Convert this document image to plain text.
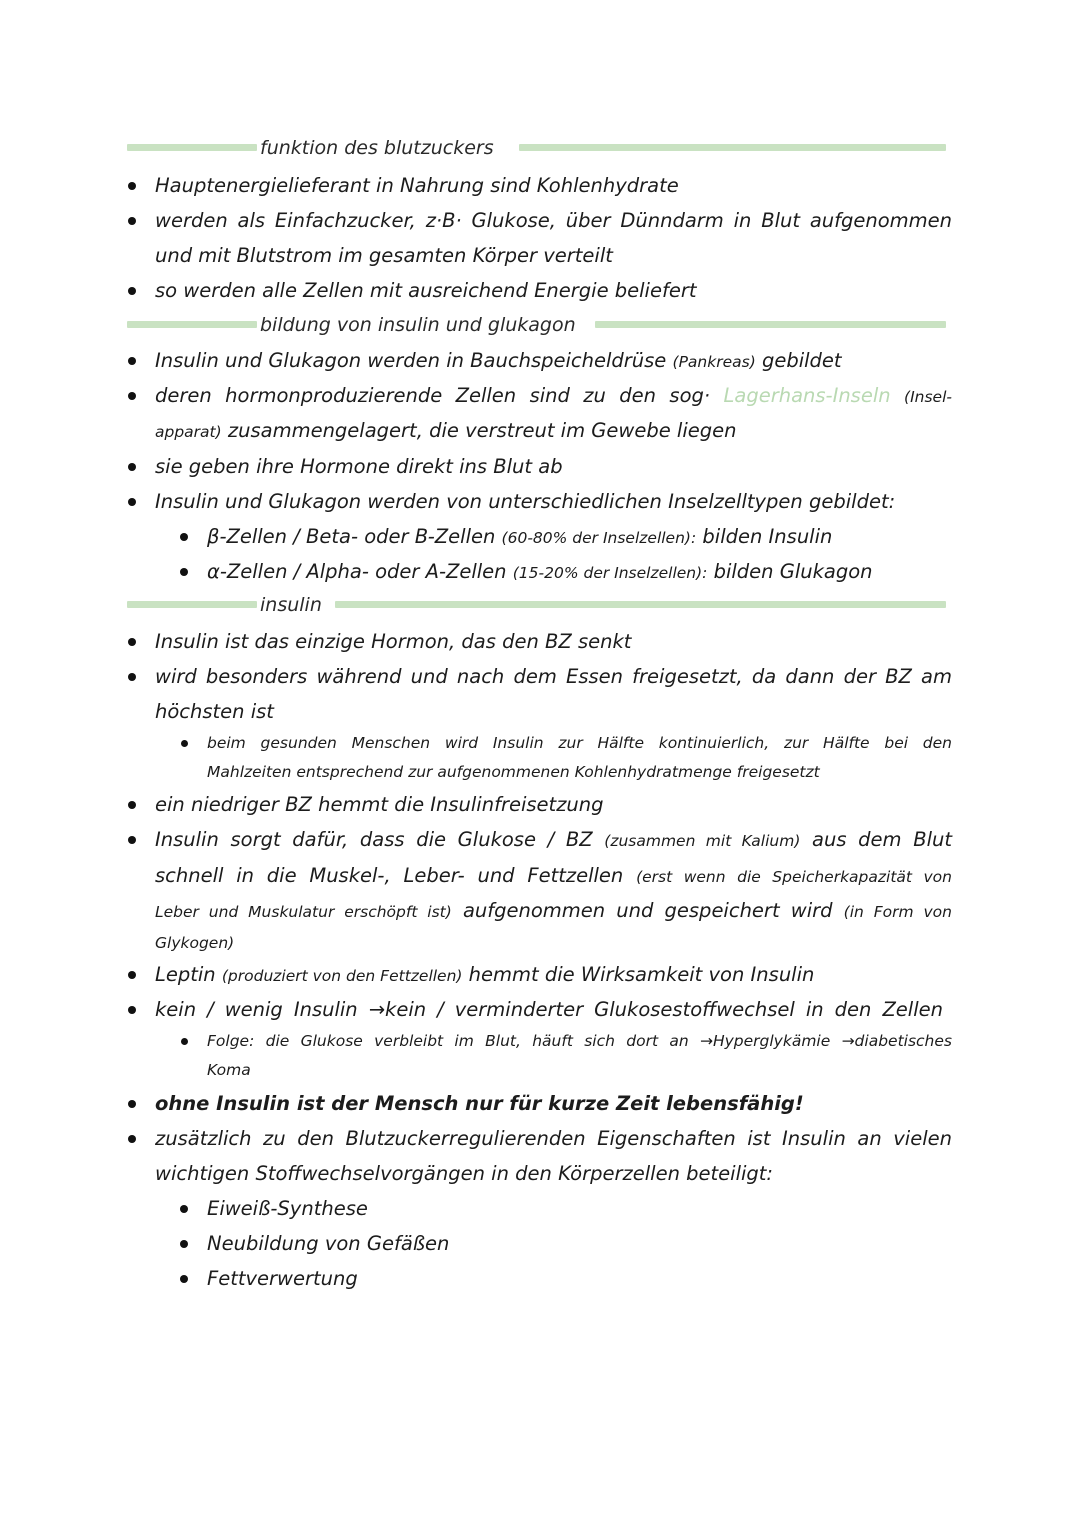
funktion des blutzuckers
Hauptenergielieferant in Nahrung sind Kohlenhydrate
werden als Einfachzucker, z·B· Glukose, über Dünndarm in Blut aufgenommen
und mit Blutstrom im gesamten Körper verteilt
so werden alle Zellen mit ausreichend Energie beliefert
bildung von insulin und glukagon
Insulin und Glukagon werden in Bauchspeicheldrüse (Pankreas) gebildet
deren hormonproduzierende Zellen sind zu den sog· Lagerhans-Inseln (Insel-
apparat) zusammengelagert, die verstreut im Gewebe liegen
sie geben ihre Hormone direkt ins Blut ab
Insulin und Glukagon werden von unterschiedlichen Inselzelltypen gebildet:
β-Zellen / Beta- oder B-Zellen (60-80% der Inselzellen): bilden Insulin
α-Zellen / Alpha- oder A-Zellen (15-20% der Inselzellen): bilden Glukagon
insulin
Insulin ist das einzige Hormon, das den BZ senkt
wird besonders während und nach dem Essen freigesetzt, da dann der BZ am
höchsten ist
beim gesunden Menschen wird Insulin zur Hälfte kontinuierlich, zur Hälfte bei den
Mahlzeiten entsprechend zur aufgenommenen Kohlenhydratmenge freigesetzt
ein niedriger BZ hemmt die Insulinfreisetzung
Insulin sorgt dafür, dass die Glukose / BZ (zusammen mit Kalium) aus dem Blut
schnell in die Muskel-, Leber- und Fettzellen (erst wenn die Speicherkapazität von
Leber und Muskulatur erschöpft ist) aufgenommen und gespeichert wird (in Form von
Glykogen)
Leptin (produziert von den Fettzellen) hemmt die Wirksamkeit von Insulin
kein / wenig Insulin →kein / verminderter Glukosestoffwechsel in den Zellen
Folge: die Glukose verbleibt im Blut, häuft sich dort an →Hyperglykämie →diabetisches
Koma
ohne Insulin ist der Mensch nur für kurze Zeit lebensfähig!
zusätzlich zu den Blutzuckerregulierenden Eigenschaften ist Insulin an vielen
wichtigen Stoffwechselvorgängen in den Körperzellen beteiligt:
Eiweiß-Synthese
Neubildung von Gefäßen
Fettverwertung
